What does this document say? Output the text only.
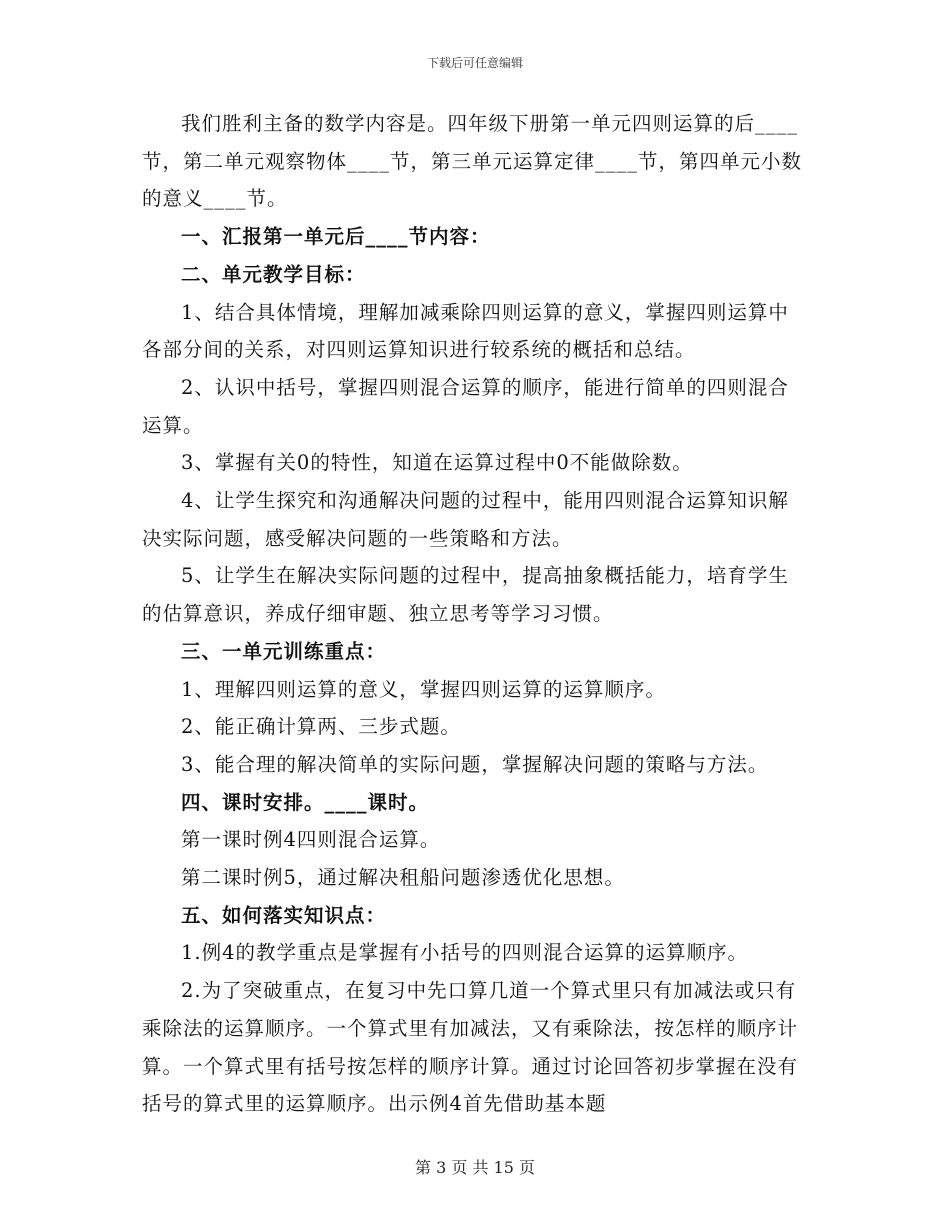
下载后可任意编辑

我们胜利主备的数学内容是。四年级下册第一单元四则运算的后____节，第二单元观察物体____节，第三单元运算定律____节，第四单元小数的意义____节。

一、汇报第一单元后____节内容：

二、单元教学目标：

1、结合具体情境，理解加减乘除四则运算的意义，掌握四则运算中各部分间的关系，对四则运算知识进行较系统的概括和总结。

2、认识中括号，掌握四则混合运算的顺序，能进行简单的四则混合运算。

3、掌握有关0的特性，知道在运算过程中0不能做除数。

4、让学生探究和沟通解决问题的过程中，能用四则混合运算知识解决实际问题，感受解决问题的一些策略和方法。

5、让学生在解决实际问题的过程中，提高抽象概括能力，培育学生的估算意识，养成仔细审题、独立思考等学习习惯。

三、一单元训练重点：

1、理解四则运算的意义，掌握四则运算的运算顺序。

2、能正确计算两、三步式题。

3、能合理的解决简单的实际问题，掌握解决问题的策略与方法。

四、课时安排。____课时。

第一课时例4四则混合运算。

第二课时例5，通过解决租船问题渗透优化思想。

五、如何落实知识点：

1.例4的教学重点是掌握有小括号的四则混合运算的运算顺序。

2.为了突破重点，在复习中先口算几道一个算式里只有加减法或只有乘除法的运算顺序。一个算式里有加减法，又有乘除法，按怎样的顺序计算。一个算式里有括号按怎样的顺序计算。通过讨论回答初步掌握在没有括号的算式里的运算顺序。出示例4首先借助基本题

第 3 页 共 15 页
